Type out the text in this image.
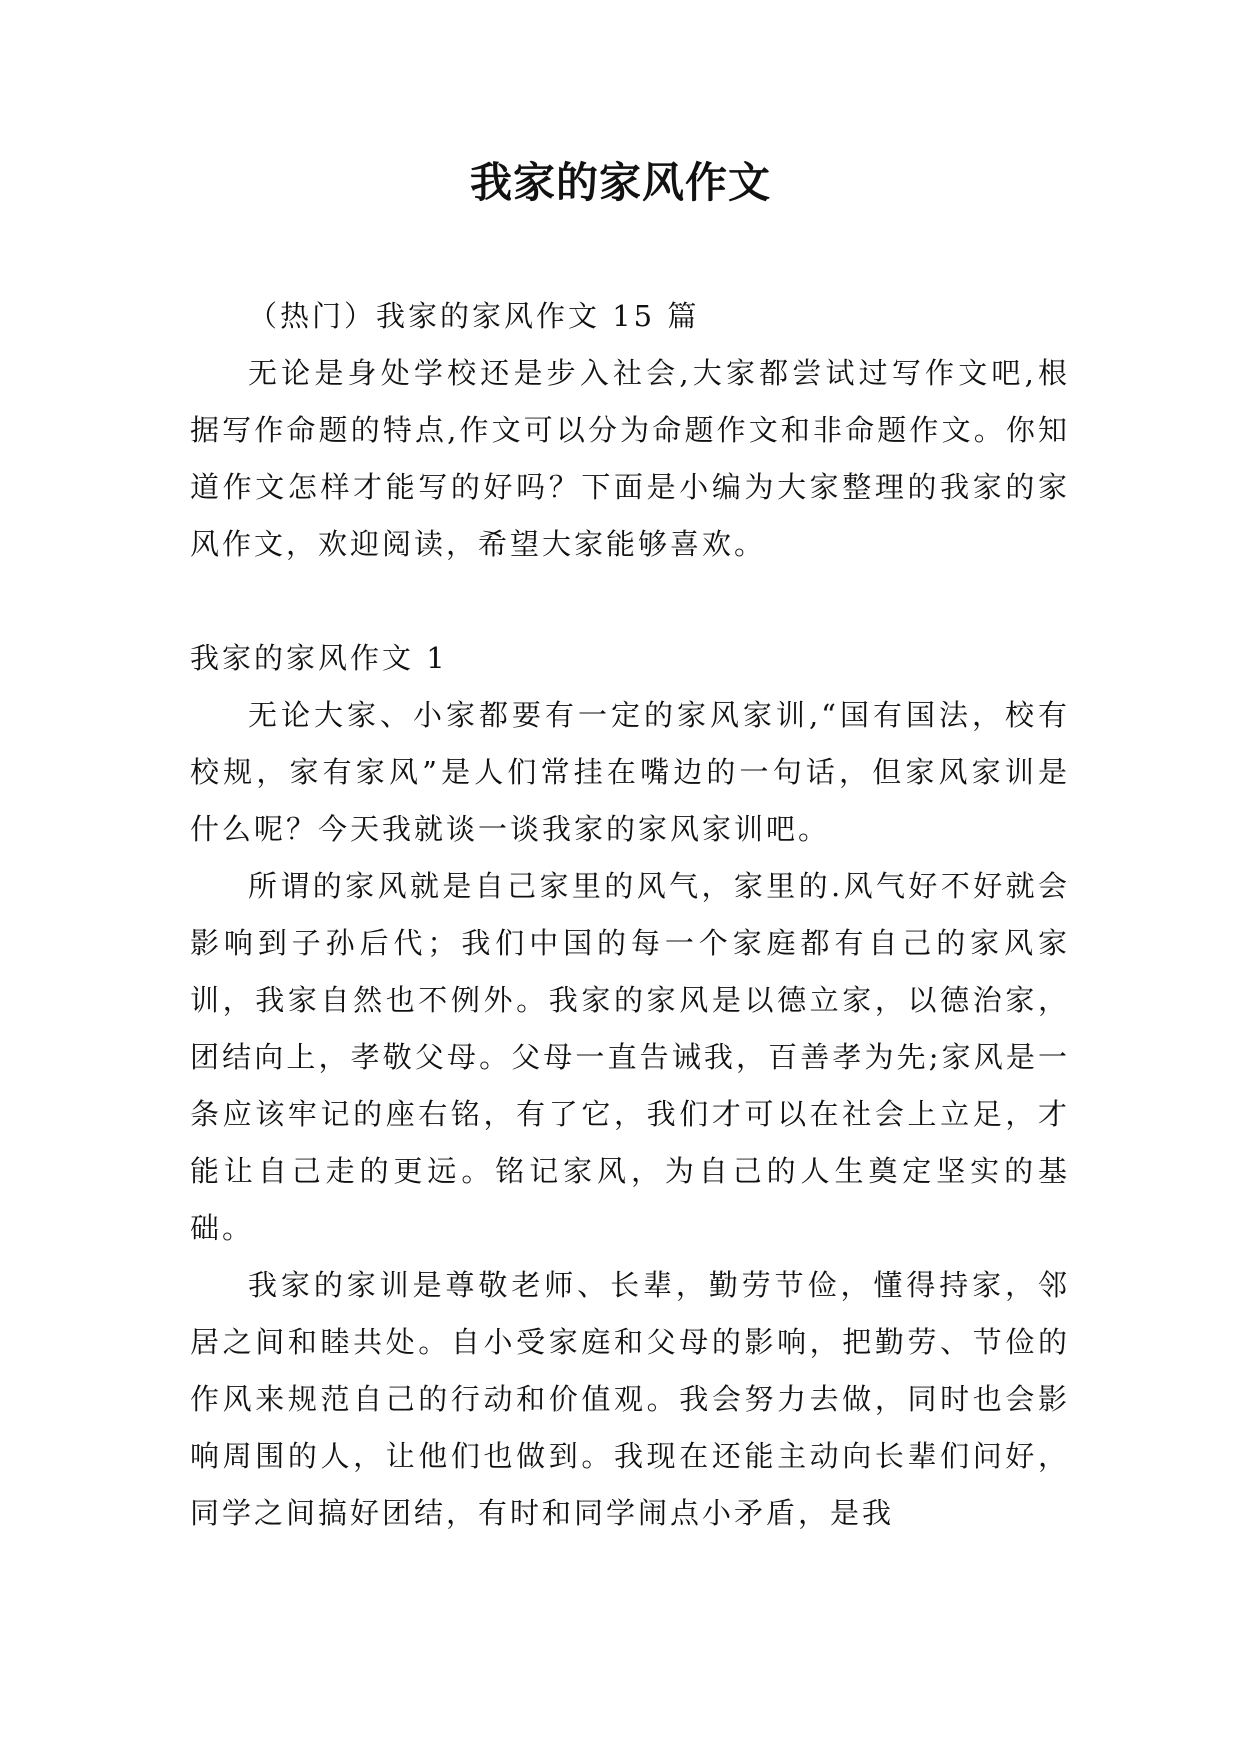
我家的家风作文

（热门）我家的家风作文 15 篇

无论是身处学校还是步入社会,大家都尝试过写作文吧,根据写作命题的特点,作文可以分为命题作文和非命题作文。你知道作文怎样才能写的好吗？下面是小编为大家整理的我家的家风作文，欢迎阅读，希望大家能够喜欢。

我家的家风作文 1

无论大家、小家都要有一定的家风家训,“国有国法，校有校规，家有家风”是人们常挂在嘴边的一句话，但家风家训是什么呢？今天我就谈一谈我家的家风家训吧。

所谓的家风就是自己家里的风气，家里的.风气好不好就会影响到子孙后代；我们中国的每一个家庭都有自己的家风家训，我家自然也不例外。我家的家风是以德立家，以德治家，团结向上，孝敬父母。父母一直告诫我，百善孝为先;家风是一条应该牢记的座右铭，有了它，我们才可以在社会上立足，才能让自己走的更远。铭记家风，为自己的人生奠定坚实的基础。

我家的家训是尊敬老师、长辈，勤劳节俭，懂得持家，邻居之间和睦共处。自小受家庭和父母的影响，把勤劳、节俭的作风来规范自己的行动和价值观。我会努力去做，同时也会影响周围的人，让他们也做到。我现在还能主动向长辈们问好，同学之间搞好团结，有时和同学闹点小矛盾，是我
